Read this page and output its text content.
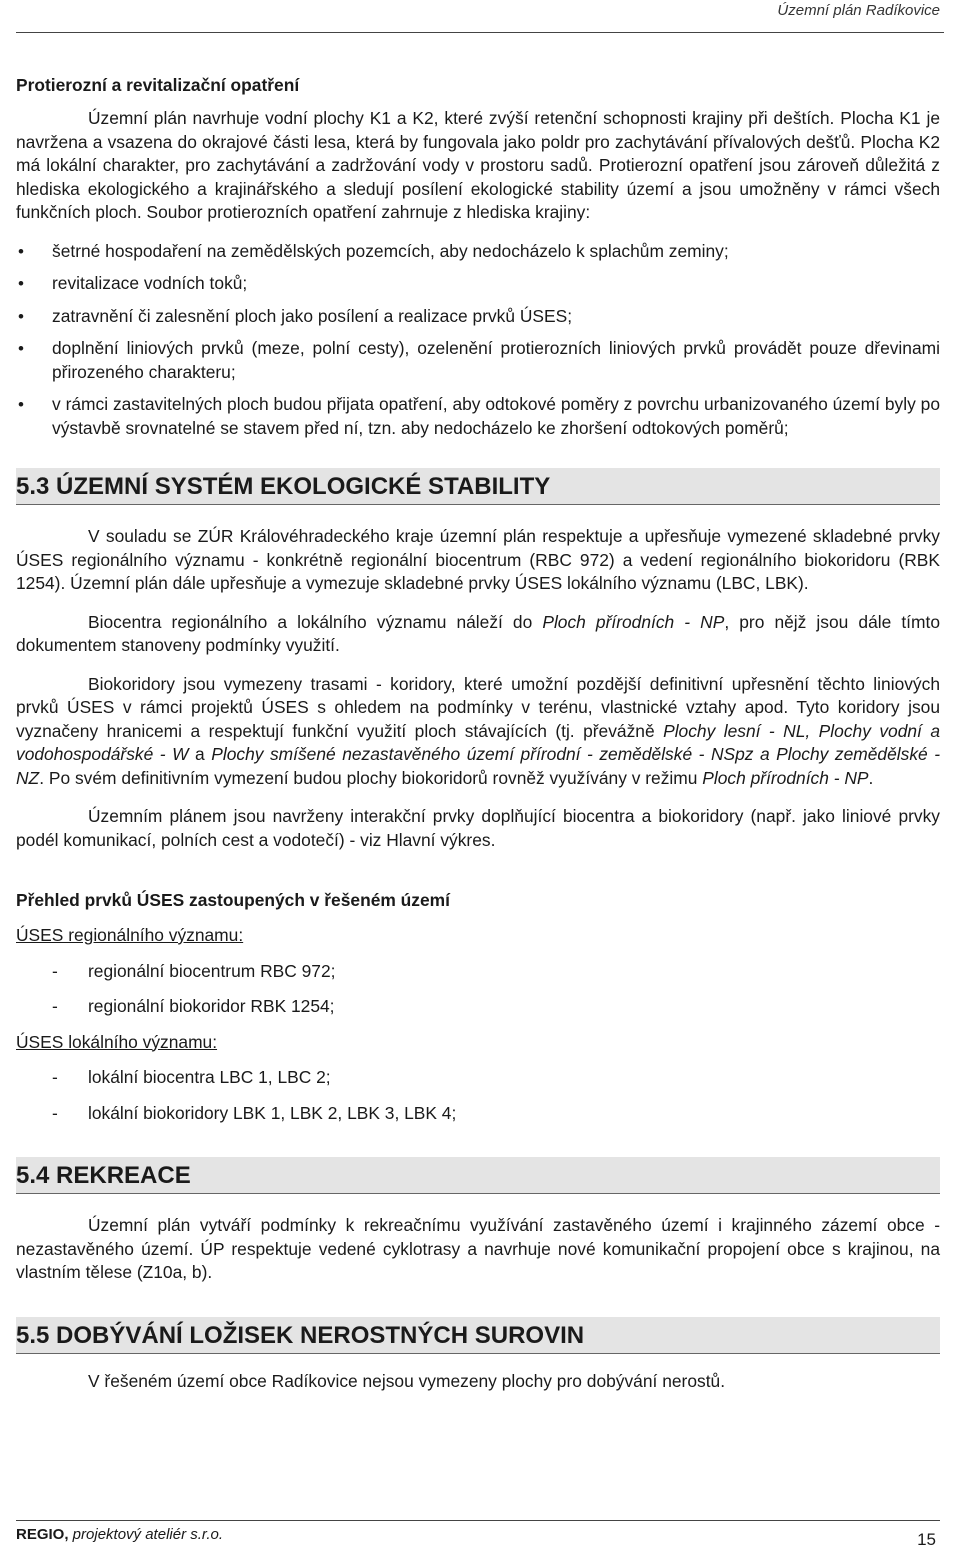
Územní plán Radíkovice

Protierozní a revitalizační opatření

Územní plán navrhuje vodní plochy K1 a K2, které zvýší retenční schopnosti krajiny při deštích. Plocha K1 je navržena a vsazena do okrajové části lesa, která by fungovala jako poldr pro zachytávání přívalových dešťů. Plocha K2 má lokální charakter, pro zachytávání a zadržování vody v prostoru sadů. Protierozní opatření jsou zároveň důležitá z hlediska ekologického a krajinářského a sledují posílení ekologické stability území a jsou umožněny v rámci všech funkčních ploch. Soubor protierozních opatření zahrnuje z hlediska krajiny:

• šetrné hospodaření na zemědělských pozemcích, aby nedocházelo k splachům zeminy;
• revitalizace vodních toků;
• zatravnění či zalesnění ploch jako posílení a realizace prvků ÚSES;
• doplnění liniových prvků (meze, polní cesty), ozelenění protierozních liniových prvků provádět pouze dřevinami přirozeného charakteru;
• v rámci zastavitelných ploch budou přijata opatření, aby odtokové poměry z povrchu urbanizovaného území byly po výstavbě srovnatelné se stavem před ní, tzn. aby nedocházelo ke zhoršení odtokových poměrů;
5.3 ÚZEMNÍ SYSTÉM EKOLOGICKÉ STABILITY

V souladu se ZÚR Královéhradeckého kraje územní plán respektuje a upřesňuje vymezené skladebné prvky ÚSES regionálního významu - konkrétně regionální biocentrum (RBC 972) a vedení regionálního biokoridoru (RBK 1254). Územní plán dále upřesňuje a vymezuje skladebné prvky ÚSES lokálního významu (LBC, LBK).

Biocentra regionálního a lokálního významu náleží do Ploch přírodních - NP, pro nějž jsou dále tímto dokumentem stanoveny podmínky využití.

Biokoridory jsou vymezeny trasami - koridory, které umožní pozdější definitivní upřesnění těchto liniových prvků ÚSES v rámci projektů ÚSES s ohledem na podmínky v terénu, vlastnické vztahy apod. Tyto koridory jsou vyznačeny hranicemi a respektují funkční využití ploch stávajících (tj. převážně Plochy lesní - NL, Plochy vodní a vodohospodářské - W a Plochy smíšené nezastavěného území přírodní - zemědělské - NSpz a Plochy zemědělské - NZ. Po svém definitivním vymezení budou plochy biokoridorů rovněž využívány v režimu Ploch přírodních - NP.

Územním plánem jsou navrženy interakční prvky doplňující biocentra a biokoridory (např. jako liniové prvky podél komunikací, polních cest a vodotečí) - viz Hlavní výkres.

Přehled prvků ÚSES zastoupených v řešeném území

ÚSES regionálního významu:

- regionální biocentrum RBC 972;
- regionální biokoridor RBK 1254;

ÚSES lokálního významu:

- lokální biocentra LBC 1, LBC 2;
- lokální biokoridory LBK 1, LBK 2, LBK 3, LBK 4;
5.4 REKREACE

Územní plán vytváří podmínky k rekreačnímu využívání zastavěného území i krajinného zázemí obce - nezastavěného území. ÚP respektuje vedené cyklotrasy a navrhuje nové komunikační propojení obce s krajinou, na vlastním tělese (Z10a, b).

5.5 DOBÝVÁNÍ LOŽISEK NEROSTNÝCH SUROVIN

V řešeném území obce Radíkovice nejsou vymezeny plochy pro dobývání nerostů.

REGIO, projektový ateliér s.r.o.	15
